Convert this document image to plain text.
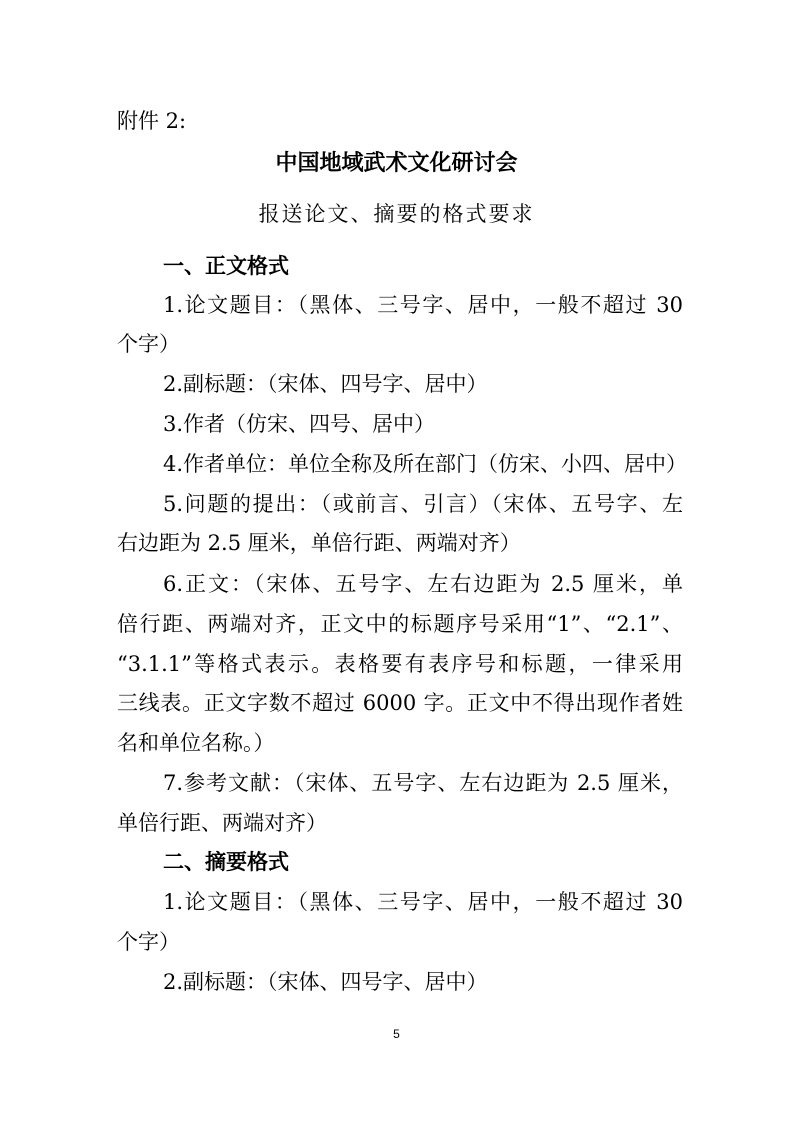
附件 2:
中国地域武术文化研讨会
报送论文、摘要的格式要求
一、正文格式
1.论文题目：（黑体、三号字、居中，一般不超过 30
个字）
2.副标题：（宋体、四号字、居中）
3.作者（仿宋、四号、居中）
4.作者单位：单位全称及所在部门（仿宋、小四、居中）
5.问题的提出：（或前言、引言）（宋体、五号字、左
右边距为 2.5 厘米，单倍行距、两端对齐）
6.正文：（宋体、五号字、左右边距为 2.5 厘米，单
倍行距、两端对齐，正文中的标题序号采用“1”、“2.1”、
“3.1.1”等格式表示。表格要有表序号和标题，一律采用
三线表。正文字数不超过 6000 字。正文中不得出现作者姓
名和单位名称。）
7.参考文献：（宋体、五号字、左右边距为 2.5 厘米，
单倍行距、两端对齐）
二、摘要格式
1.论文题目：（黑体、三号字、居中，一般不超过 30
个字）
2.副标题：（宋体、四号字、居中）
5
